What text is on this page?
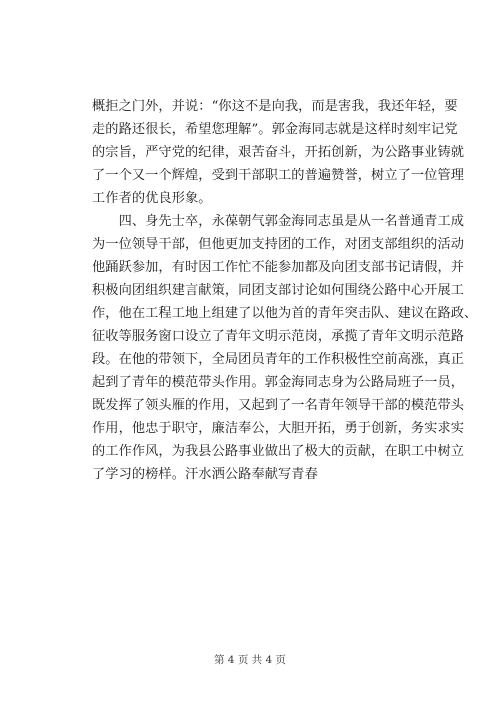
概拒之门外，并说：“你这不是向我，而是害我，我还年轻，要
走的路还很长，希望您理解”。郭金海同志就是这样时刻牢记党
的宗旨，严守党的纪律，艰苦奋斗，开拓创新，为公路事业铸就
了一个又一个辉煌，受到干部职工的普遍赞誉，树立了一位管理
工作者的优良形象。
　　四、身先士卒，永葆朝气郭金海同志虽是从一名普通青工成
为一位领导干部，但他更加支持团的工作，对团支部组织的活动
他踊跃参加，有时因工作忙不能参加都及向团支部书记请假，并
积极向团组织建言献策，同团支部讨论如何围绕公路中心开展工
作，他在工程工地上组建了以他为首的青年突击队、建议在路政、
征收等服务窗口设立了青年文明示范岗，承揽了青年文明示范路
段。在他的带领下，全局团员青年的工作积极性空前高涨，真正
起到了青年的模范带头作用。郭金海同志身为公路局班子一员，
既发挥了领头雁的作用，又起到了一名青年领导干部的模范带头
作用，他忠于职守，廉洁奉公，大胆开拓，勇于创新，务实求实
的工作作风，为我县公路事业做出了极大的贡献，在职工中树立
了学习的榜样。汗水洒公路奉献写青春
第 4 页 共 4 页
